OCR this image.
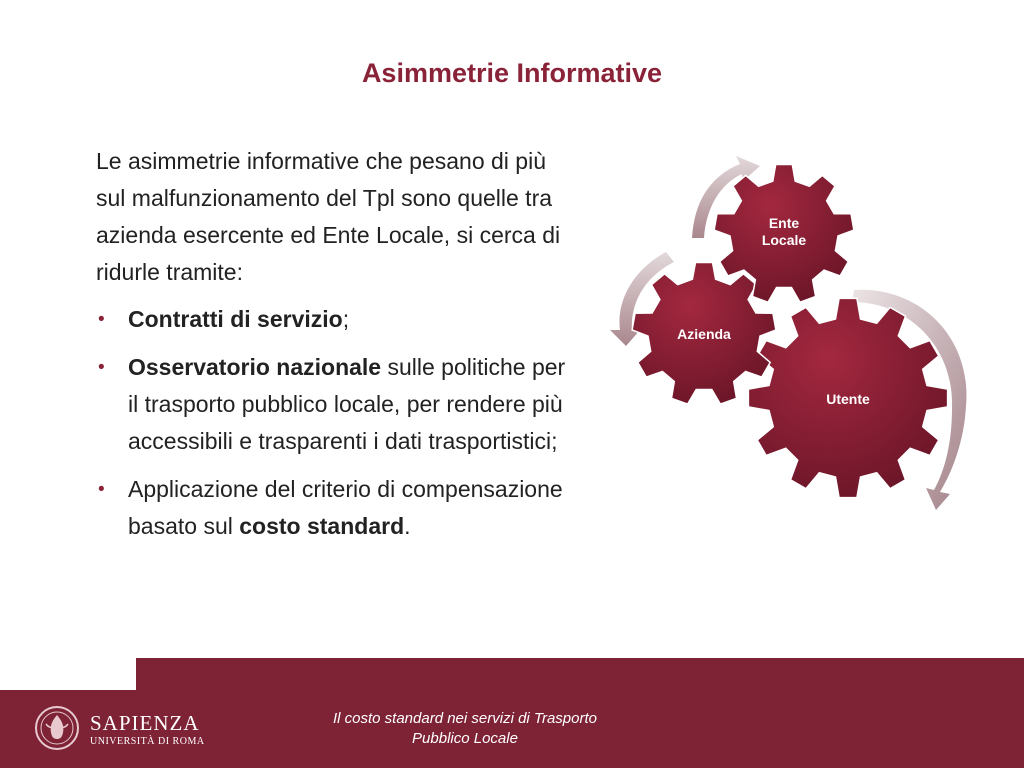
Asimmetrie Informative

Le asimmetrie informative che pesano di più sul malfunzionamento del Tpl sono quelle tra azienda esercente ed Ente Locale, si cerca di ridurle tramite:

• Contratti di servizio;
• Osservatorio nazionale sulle politiche per il trasporto pubblico locale, per rendere più accessibili e trasparenti i dati trasportistici;
• Applicazione del criterio di compensazione basato sul costo standard.
Ente
Locale
Azienda
Utente
SAPIENZA
UNIVERSITÀ DI ROMA
Il costo standard nei servizi di Trasporto
Pubblico Locale
